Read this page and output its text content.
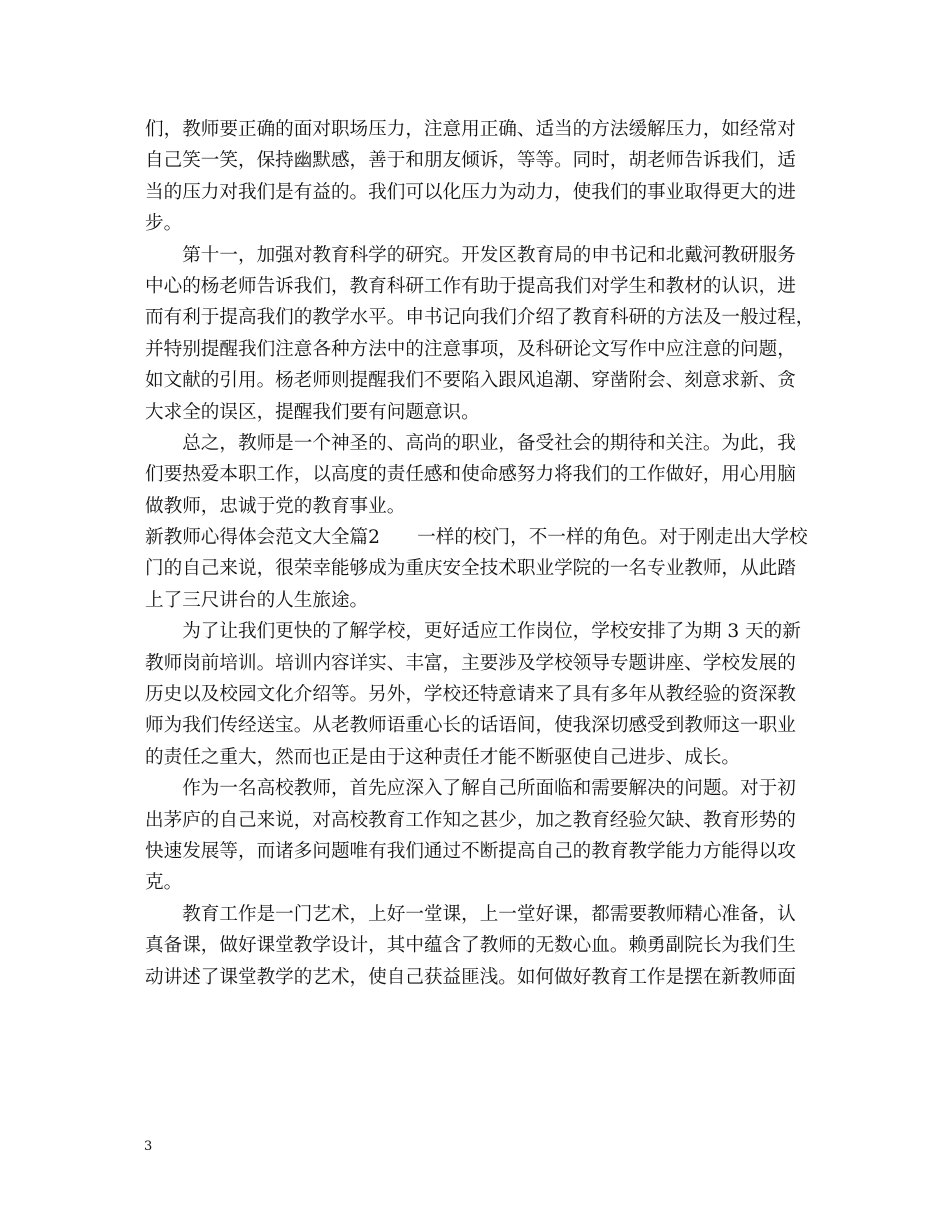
们，教师要正确的面对职场压力，注意用正确、适当的方法缓解压力，如经常对
自己笑一笑，保持幽默感，善于和朋友倾诉，等等。同时，胡老师告诉我们，适
当的压力对我们是有益的。我们可以化压力为动力，使我们的事业取得更大的进
步。
　　第十一，加强对教育科学的研究。开发区教育局的申书记和北戴河教研服务
中心的杨老师告诉我们，教育科研工作有助于提高我们对学生和教材的认识，进
而有利于提高我们的教学水平。申书记向我们介绍了教育科研的方法及一般过程，
并特别提醒我们注意各种方法中的注意事项，及科研论文写作中应注意的问题，
如文献的引用。杨老师则提醒我们不要陷入跟风追潮、穿凿附会、刻意求新、贪
大求全的误区，提醒我们要有问题意识。
　　总之，教师是一个神圣的、高尚的职业，备受社会的期待和关注。为此，我
们要热爱本职工作，以高度的责任感和使命感努力将我们的工作做好，用心用脑
做教师，忠诚于党的教育事业。
新教师心得体会范文大全篇2　　一样的校门，不一样的角色。对于刚走出大学校
门的自己来说，很荣幸能够成为重庆安全技术职业学院的一名专业教师，从此踏
上了三尺讲台的人生旅途。
　　为了让我们更快的了解学校，更好适应工作岗位，学校安排了为期 3 天的新
教师岗前培训。培训内容详实、丰富，主要涉及学校领导专题讲座、学校发展的
历史以及校园文化介绍等。另外，学校还特意请来了具有多年从教经验的资深教
师为我们传经送宝。从老教师语重心长的话语间，使我深切感受到教师这一职业
的责任之重大，然而也正是由于这种责任才能不断驱使自己进步、成长。
　　作为一名高校教师，首先应深入了解自己所面临和需要解决的问题。对于初
出茅庐的自己来说，对高校教育工作知之甚少，加之教育经验欠缺、教育形势的
快速发展等，而诸多问题唯有我们通过不断提高自己的教育教学能力方能得以攻
克。
　　教育工作是一门艺术，上好一堂课，上一堂好课，都需要教师精心准备，认
真备课，做好课堂教学设计，其中蕴含了教师的无数心血。赖勇副院长为我们生
动讲述了课堂教学的艺术，使自己获益匪浅。如何做好教育工作是摆在新教师面
3
